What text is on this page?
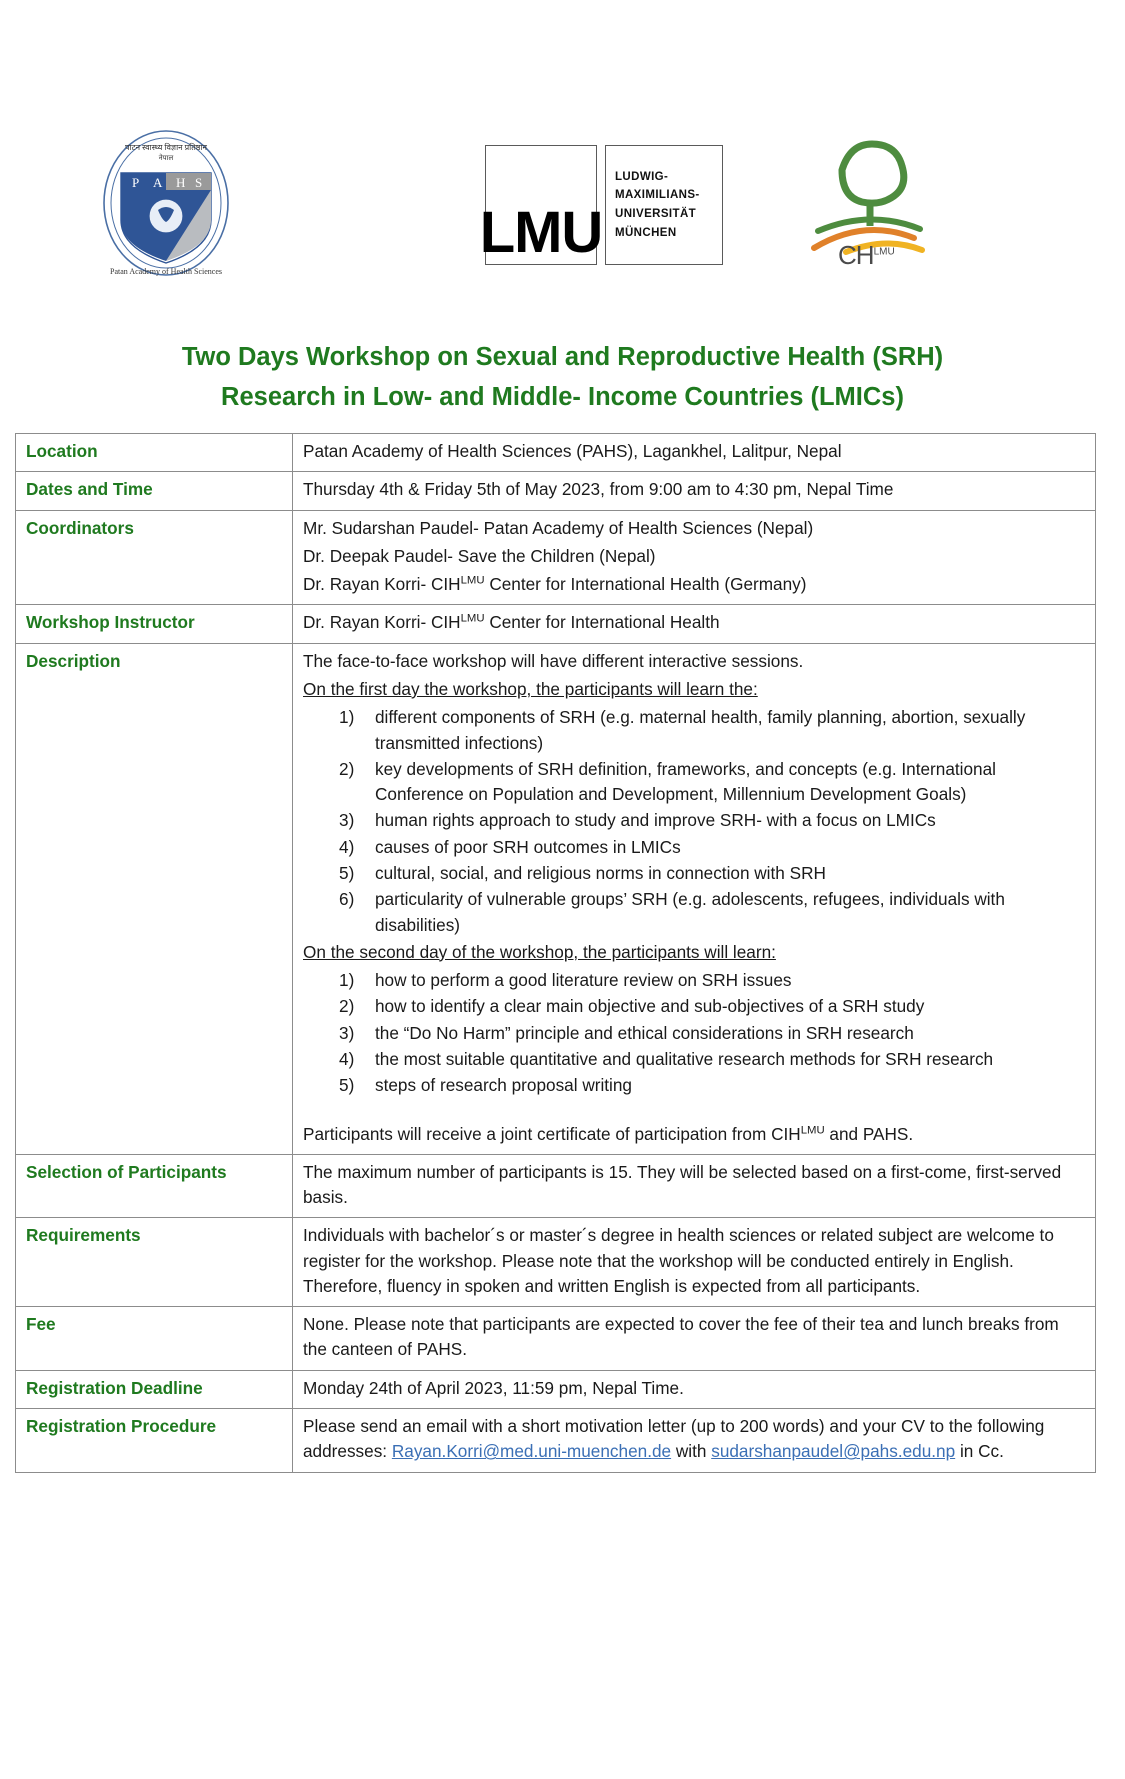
P A H S
पाटन स्वास्थ्य विज्ञान प्रतिष्ठान
नेपाल
Patan Academy of Health Sciences
LMU
LUDWIG-
MAXIMILIANS-
UNIVERSITÄT
MÜNCHEN
$CH^{LMU}$
Two Days Workshop on Sexual and Reproductive Health (SRH)
Research in Low- and Middle- Income Countries (LMICs)
Location	Patan Academy of Health Sciences (PAHS), Lagankhel, Lalitpur, Nepal
Dates and Time	Thursday 4th & Friday 5th of May 2023, from 9:00 am to 4:30 pm, Nepal Time
Coordinators	Mr. Sudarshan Paudel- Patan Academy of Health Sciences (Nepal)

Dr. Deepak Paudel- Save the Children (Nepal)

Dr. Rayan Korri- $CIH^{LMU}$ Center for International Health (Germany)

Workshop Instructor	Dr. Rayan Korri- $CIH^{LMU}$ Center for International Health
Description	The face-to-face workshop will have different interactive sessions.

On the first day the workshop, the participants will learn the:

different components of SRH (e.g. maternal health, family planning, abortion, sexually transmitted infections)
key developments of SRH definition, frameworks, and concepts (e.g. International Conference on Population and Development, Millennium Development Goals)
human rights approach to study and improve SRH- with a focus on LMICs
causes of poor SRH outcomes in LMICs
cultural, social, and religious norms in connection with SRH
particularity of vulnerable groups’ SRH (e.g. adolescents, refugees, individuals with disabilities)

On the second day of the workshop, the participants will learn:

how to perform a good literature review on SRH issues
how to identify a clear main objective and sub-objectives of a SRH study
the “Do No Harm” principle and ethical considerations in SRH research
the most suitable quantitative and qualitative research methods for SRH research
steps of research proposal writing

Participants will receive a joint certificate of participation from $CIH^{LMU}$ and PAHS.

Selection of Participants	The maximum number of participants is 15. They will be selected based on a first-come, first-served basis.
Requirements	Individuals with bachelor´s or master´s degree in health sciences or related subject are welcome to register for the workshop. Please note that the workshop will be conducted entirely in English. Therefore, fluency in spoken and written English is expected from all participants.
Fee	None. Please note that participants are expected to cover the fee of their tea and lunch breaks from the canteen of PAHS.
Registration Deadline	Monday 24th of April 2023, 11:59 pm, Nepal Time.
Registration Procedure	Please send an email with a short motivation letter (up to 200 words) and your CV to the following addresses: Rayan.Korri@med.uni-muenchen.de with sudarshanpaudel@pahs.edu.np in Cc.
